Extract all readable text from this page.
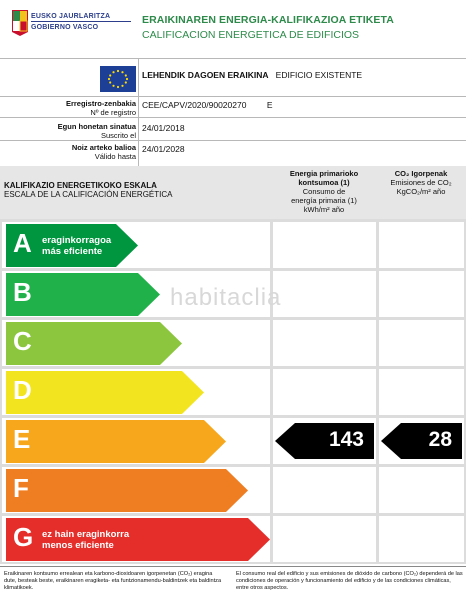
EUSKO JAURLARITZA
GOBIERNO VASCO
ERAIKINAREN ENERGIA-KALIFIKAZIOA ETIKETA
CALIFICACION ENERGETICA DE EDIFICIOS
LEHENDIK DAGOEN ERAIKINA EDIFICIO EXISTENTE
Erregistro-zenbakia
Nº de registro
CEE/CAPV/2020/90020270 E
Egun honetan sinatua
Suscrito el
24/01/2018
Noiz arteko balioa
Válido hasta
24/01/2028
KALIFIKAZIO ENERGETIKOKO ESKALA
ESCALA DE LA CALIFICACIÓN ENERGÉTICA
Energia primarioko
kontsumoa (1)
Consumo de
energía primaria (1)
kWh/m² año
CO₂ Igorpenak
Emisiones de CO₂
KgCO₂/m² año
A eraginkorragoa
más eficiente
B
C
D
E	143	28
F
G ez hain eraginkorra
menos eficiente
habitaclia
Eraikinaren kontsumo errealean eta karbono-dioxidoaren igorpenetan (CO₂) eragina dute, besteak beste, eraikinaren eragiketa- eta funtzionamendu-baldintzek eta baldintza klimatikoek.
El consumo real del edificio y sus emisiones de dióxido de carbono (CO₂) dependerá de las condiciones de operación y funcionamiento del edificio y de las condiciones climáticas, entre otros aspectos.
